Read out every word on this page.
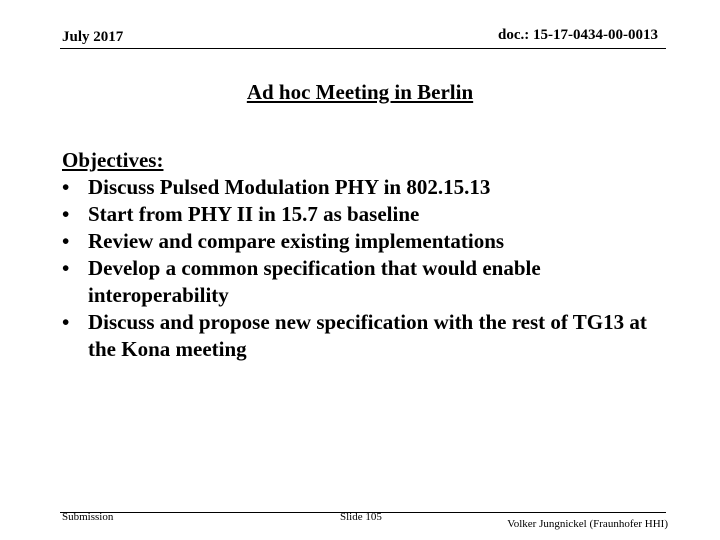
July 2017	doc.: 15-17-0434-00-0013
Ad hoc Meeting in Berlin
Objectives:
• Discuss Pulsed Modulation PHY in 802.15.13
• Start from PHY II in 15.7 as baseline
• Review and compare existing implementations
• Develop a common specification that would enable interoperability
• Discuss and propose new specification with the rest of TG13 at the Kona meeting
Submission	Slide 105
Volker Jungnickel (Fraunhofer HHI)
